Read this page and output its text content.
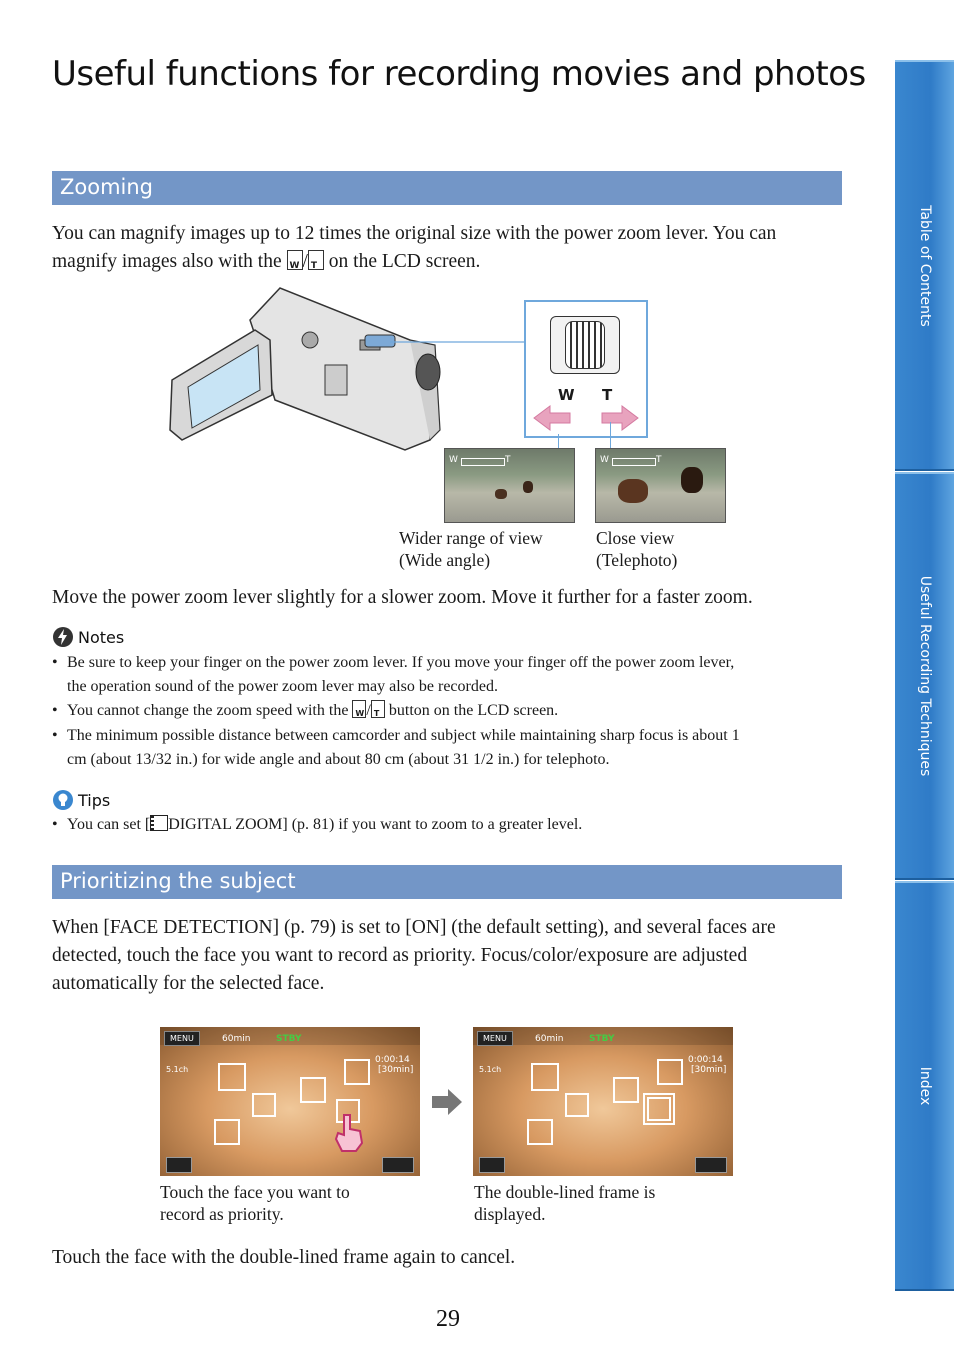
Useful functions for recording movies and photos
Table of Contents
Useful Recording Techniques
Index
Zooming
You can magnify images up to 12 times the original size with the power zoom lever. You can
magnify images also with the W / T on the LCD screen.
W T
W	T	W	T
Wider range of view
(Wide angle)
Close view
(Telephoto)
Move the power zoom lever slightly for a slower zoom. Move it further for a faster zoom.
Notes
• Be sure to keep your finger on the power zoom lever. If you move your finger off the power zoom lever,
the operation sound of the power zoom lever may also be recorded.
• You cannot change the zoom speed with the W / T button on the LCD screen.
• The minimum possible distance between camcorder and subject while maintaining sharp focus is about 1
cm (about 13/32 in.) for wide angle and about 80 cm (about 31 1/2 in.) for telephoto.
Tips
• You can set [ DIGITAL ZOOM] (p. 81) if you want to zoom to a greater level.
Prioritizing the subject
When [FACE DETECTION] (p. 79) is set to [ON] (the default setting), and several faces are
detected, touch the face you want to record as priority. Focus/color/exposure are adjusted
automatically for the selected face.
MENU	60min	STBY
0:00:14
[30min]
5.1ch
MENU	60min	STBY
0:00:14
[30min]
5.1ch
Touch the face you want to
record as priority.
The double-lined frame is
displayed.
Touch the face with the double-lined frame again to cancel.
29
